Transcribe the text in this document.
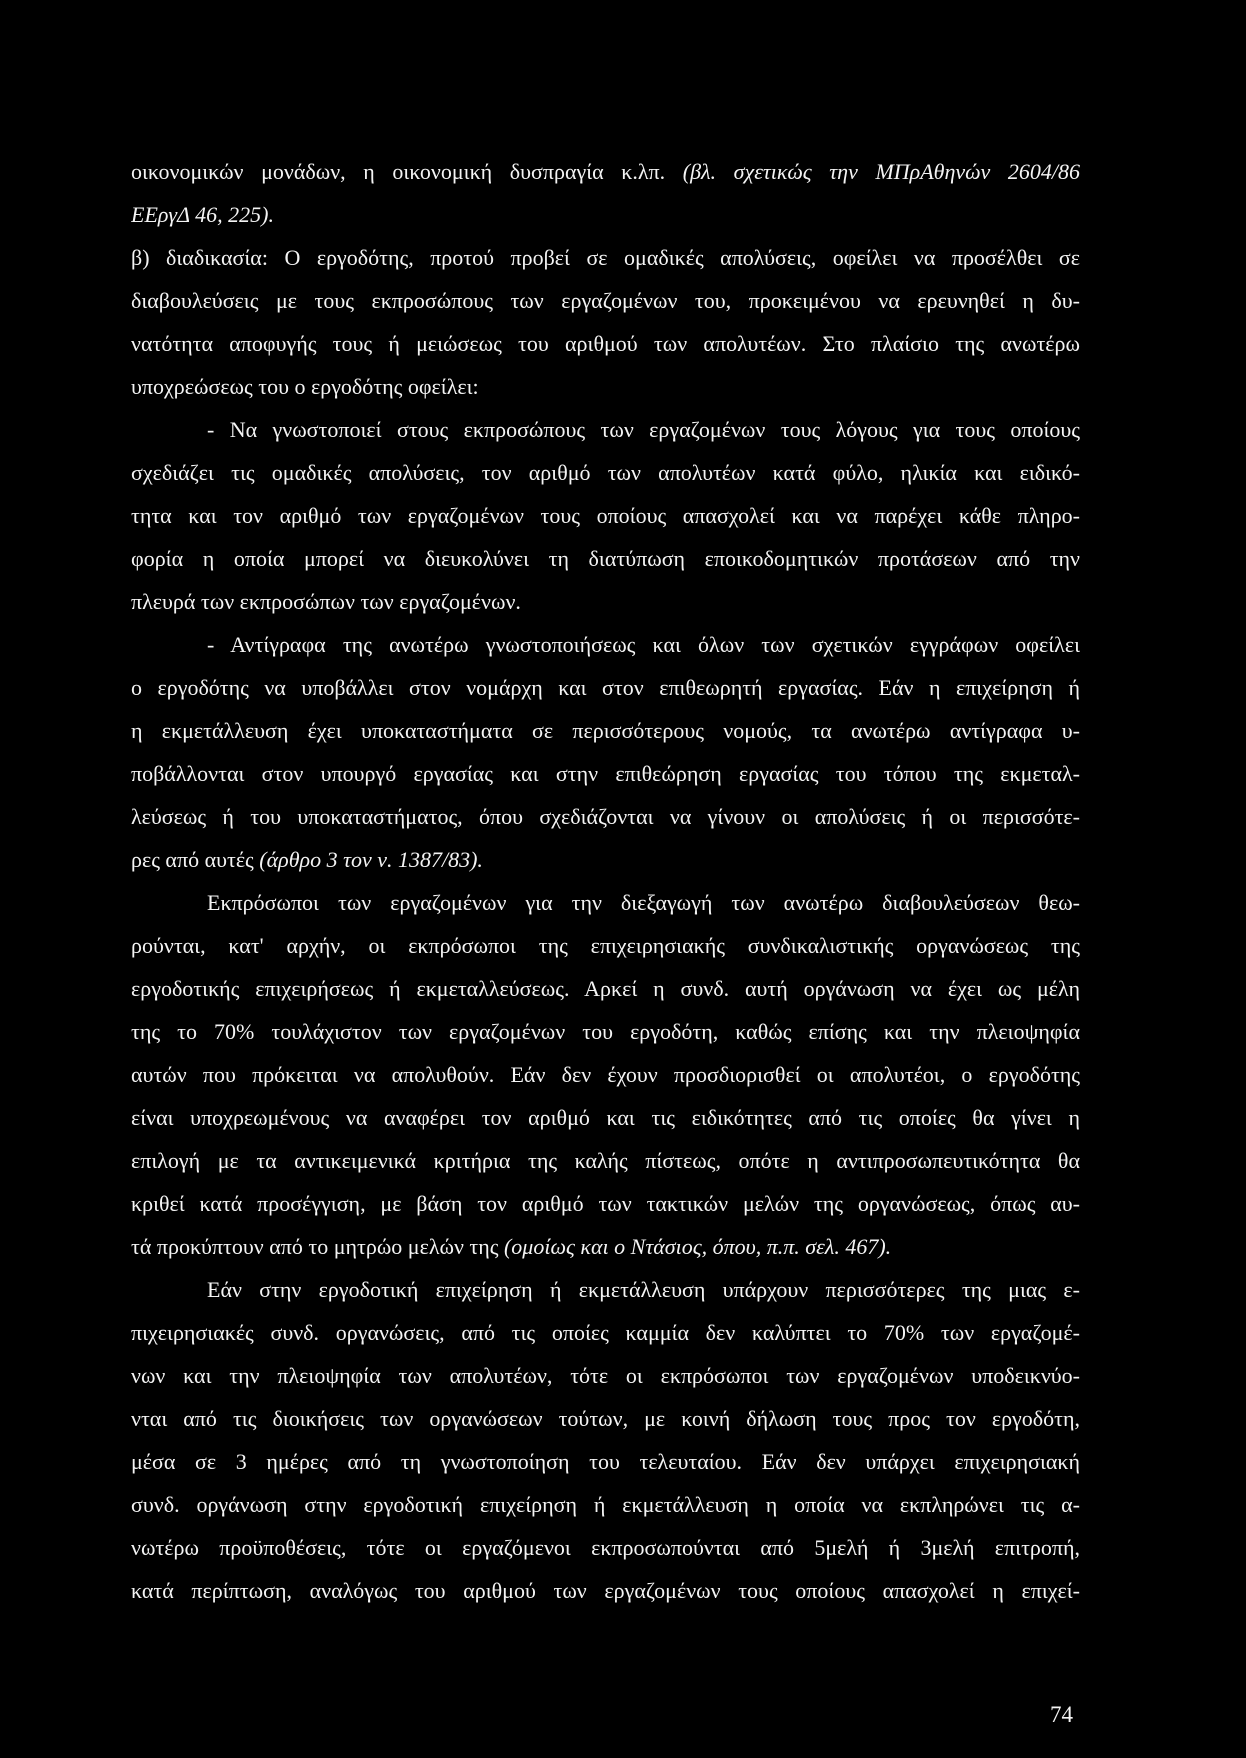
οικονομικών μονάδων, η οικονομική δυσπραγία κ.λπ. (βλ. σχετικώς την ΜΠρΑθηνών 2604/86
ΕΕργΔ 46, 225).
β) διαδικασία: Ο εργοδότης, προτού προβεί σε ομαδικές απολύσεις, οφείλει να προσέλθει σε
διαβουλεύσεις με τους εκπροσώπους των εργαζομένων του, προκειμένου να ερευνηθεί η δυ-
νατότητα αποφυγής τους ή μειώσεως του αριθμού των απολυτέων. Στο πλαίσιο της ανωτέρω
υποχρεώσεως του ο εργοδότης οφείλει:
- Να γνωστοποιεί στους εκπροσώπους των εργαζομένων τους λόγους για τους οποίους
σχεδιάζει τις ομαδικές απολύσεις, τον αριθμό των απολυτέων κατά φύλο, ηλικία και ειδικό-
τητα και τον αριθμό των εργαζομένων τους οποίους απασχολεί και να παρέχει κάθε πληρο-
φορία η οποία μπορεί να διευκολύνει τη διατύπωση εποικοδομητικών προτάσεων από την
πλευρά των εκπροσώπων των εργαζομένων.
- Αντίγραφα της ανωτέρω γνωστοποιήσεως και όλων των σχετικών εγγράφων οφείλει
ο εργοδότης να υποβάλλει στον νομάρχη και στον επιθεωρητή εργασίας. Εάν η επιχείρηση ή
η εκμετάλλευση έχει υποκαταστήματα σε περισσότερους νομούς, τα ανωτέρω αντίγραφα υ-
ποβάλλονται στον υπουργό εργασίας και στην επιθεώρηση εργασίας του τόπου της εκμεταλ-
λεύσεως ή του υποκαταστήματος, όπου σχεδιάζονται να γίνουν οι απολύσεις ή οι περισσότε-
ρες από αυτές (άρθρο 3 τον ν. 1387/83).
Εκπρόσωποι των εργαζομένων για την διεξαγωγή των ανωτέρω διαβουλεύσεων θεω-
ρούνται, κατ' αρχήν, οι εκπρόσωποι της επιχειρησιακής συνδικαλιστικής οργανώσεως της
εργοδοτικής επιχειρήσεως ή εκμεταλλεύσεως. Αρκεί η συνδ. αυτή οργάνωση να έχει ως μέλη
της το 70% τουλάχιστον των εργαζομένων του εργοδότη, καθώς επίσης και την πλειοψηφία
αυτών που πρόκειται να απολυθούν. Εάν δεν έχουν προσδιορισθεί οι απολυτέοι, ο εργοδότης
είναι υποχρεωμένους να αναφέρει τον αριθμό και τις ειδικότητες από τις οποίες θα γίνει η
επιλογή με τα αντικειμενικά κριτήρια της καλής πίστεως, οπότε η αντιπροσωπευτικότητα θα
κριθεί κατά προσέγγιση, με βάση τον αριθμό των τακτικών μελών της οργανώσεως, όπως αυ-
τά προκύπτουν από το μητρώο μελών της (ομοίως και ο Ντάσιος, όπου, π.π. σελ. 467).
Εάν στην εργοδοτική επιχείρηση ή εκμετάλλευση υπάρχουν περισσότερες της μιας ε-
πιχειρησιακές συνδ. οργανώσεις, από τις οποίες καμμία δεν καλύπτει το 70% των εργαζομέ-
νων και την πλειοψηφία των απολυτέων, τότε οι εκπρόσωποι των εργαζομένων υποδεικνύο-
νται από τις διοικήσεις των οργανώσεων τούτων, με κοινή δήλωση τους προς τον εργοδότη,
μέσα σε 3 ημέρες από τη γνωστοποίηση του τελευταίου. Εάν δεν υπάρχει επιχειρησιακή
συνδ. οργάνωση στην εργοδοτική επιχείρηση ή εκμετάλλευση η οποία να εκπληρώνει τις α-
νωτέρω προϋποθέσεις, τότε οι εργαζόμενοι εκπροσωπούνται από 5μελή ή 3μελή επιτροπή,
κατά περίπτωση, αναλόγως του αριθμού των εργαζομένων τους οποίους απασχολεί η επιχεί-
74
